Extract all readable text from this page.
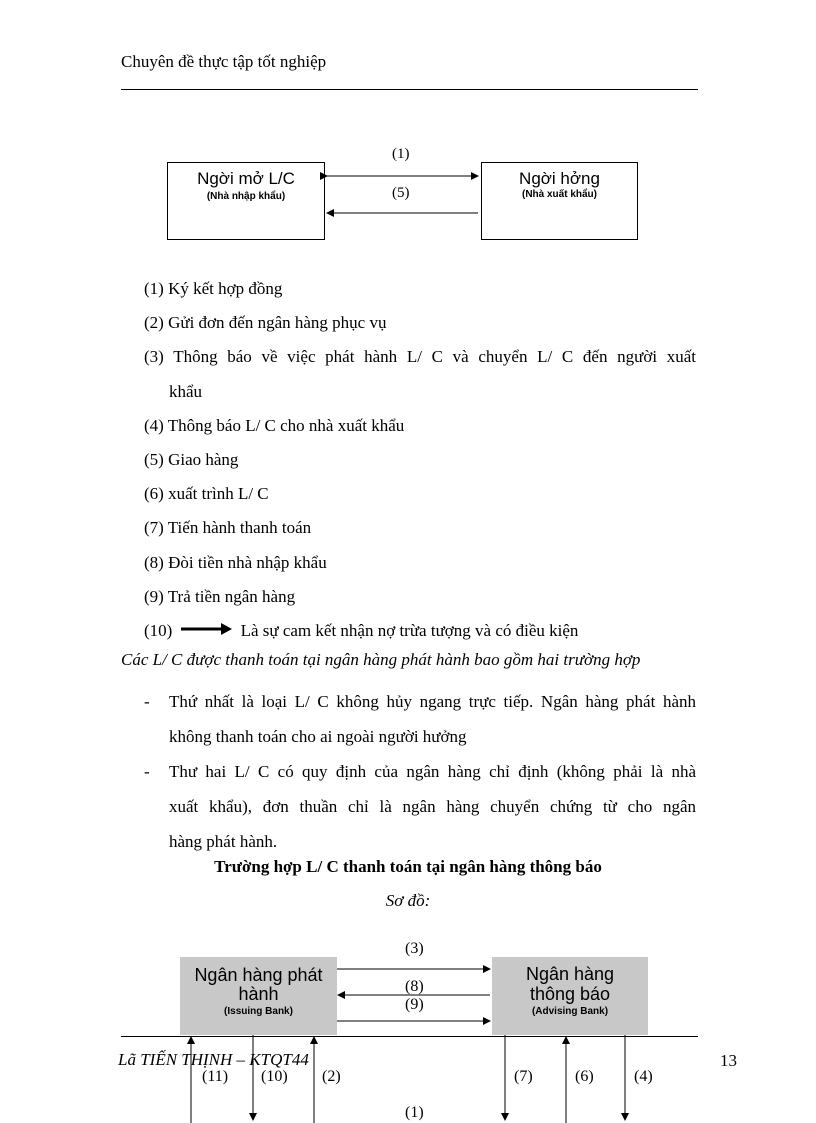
Chuyên đề thực tập tốt nghiệp
Ngời mở L/C
(Nhà nhập khẩu)
Ngời hởng
(Nhà xuất khẩu)
(1)
(5)

(1) Ký kết hợp đồng

(2) Gửi đơn đến ngân hàng phục vụ

(3) Thông báo về việc phát hành L/ C và chuyển L/ C đến người xuất

khẩu

(4) Thông báo L/ C cho nhà xuất khẩu

(5) Giao hàng

(6) xuất trình L/ C

(7) Tiến hành thanh toán

(8) Đòi tiền nhà nhập khẩu

(9) Trả tiền ngân hàng

(10)	Là sự cam kết nhận nợ trừa tượng và có điều kiện

Các L/ C được thanh toán tại ngân hàng phát hành bao gồm hai trường hợp
-	Thứ nhất là loại L/ C không hủy ngang trực tiếp. Ngân hàng phát hành

không thanh toán cho ai ngoài người hưởng

-	Thư hai L/ C có quy định của ngân hàng chỉ định (không phải là nhà

xuất khẩu), đơn thuần chỉ là ngân hàng chuyển chứng từ cho ngân

hàng phát hành.

Trường hợp L/ C thanh toán tại ngân hàng thông báo
Sơ đồ:
(3)
Ngân hàng phát
hành
(Issuing Bank)
Ngân hàng
thông báo
(Advising Bank)
(8)
(9)
Lã TIẾN THỊNH – KTQT44	13
(11) (10) (2)	(7)	(6)	(4)
(1)
